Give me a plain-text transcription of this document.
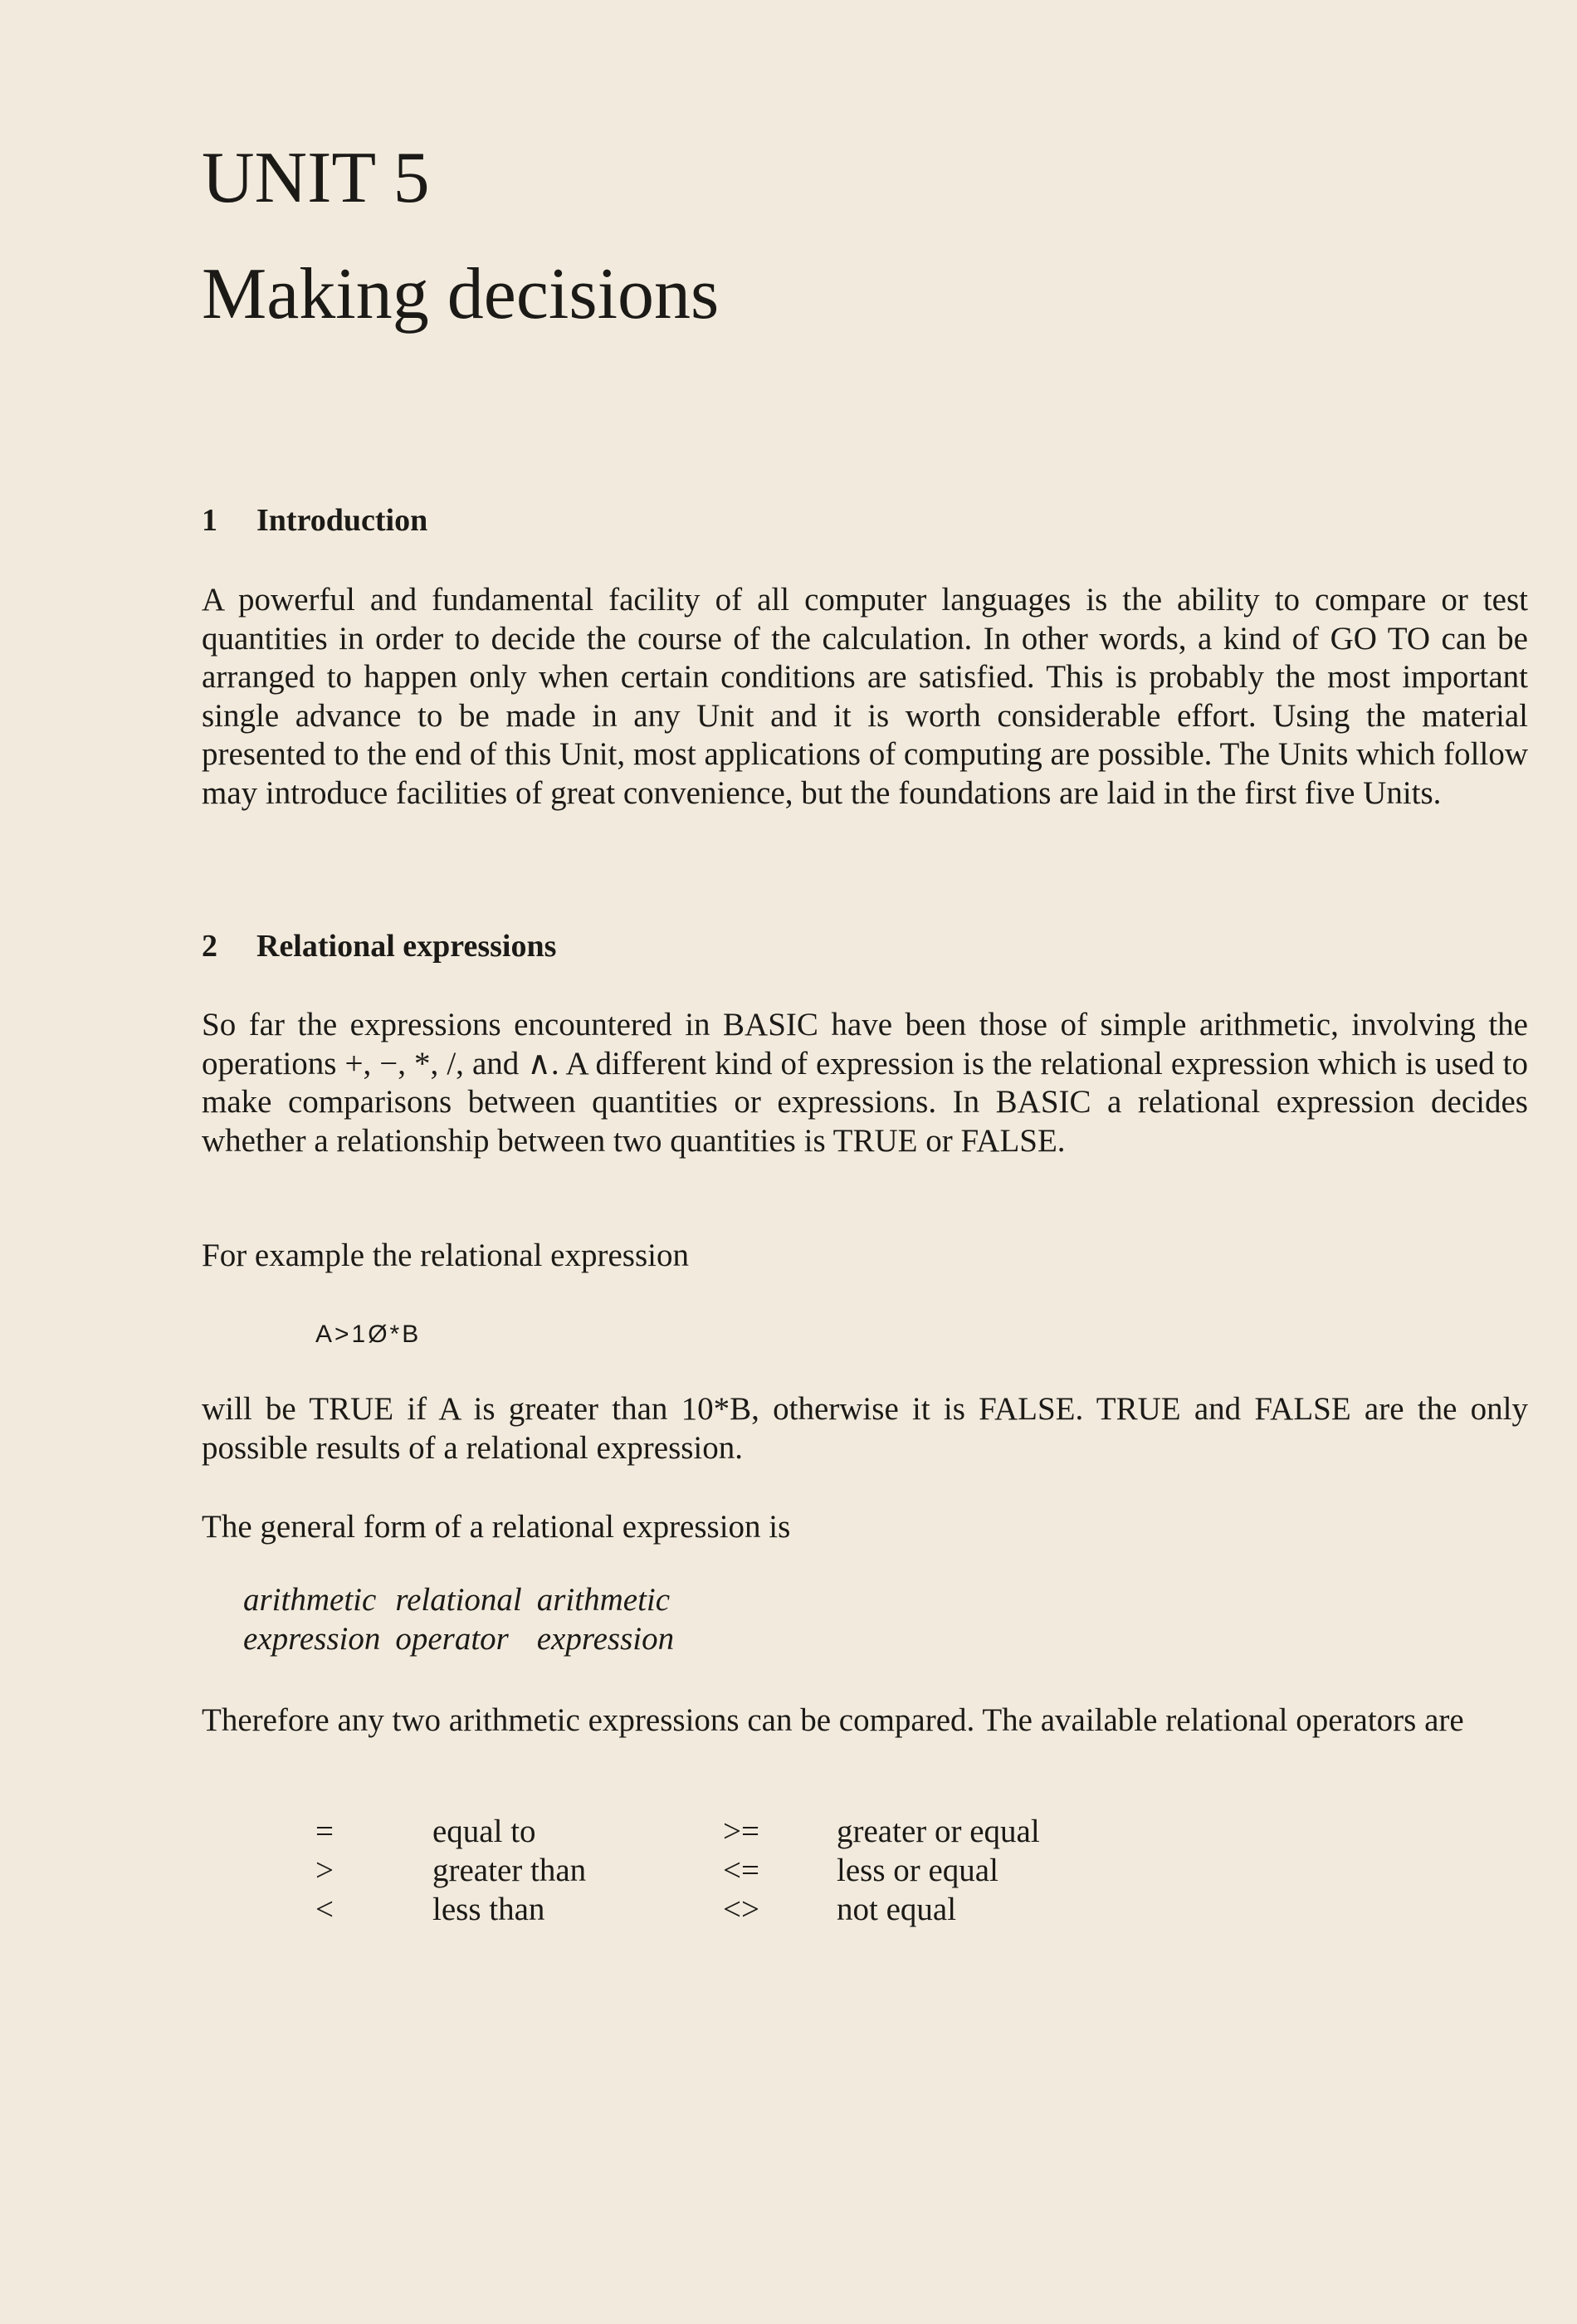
UNIT 5
Making decisions
1 Introduction

A powerful and fundamental facility of all computer languages is the ability to compare or test quantities in order to decide the course of the calculation. In other words, a kind of GO TO can be arranged to happen only when certain conditions are satisfied. This is probably the most important single advance to be made in any Unit and it is worth considerable effort. Using the material presented to the end of this Unit, most applications of computing are possible. The Units which follow may introduce facilities of great convenience, but the foundations are laid in the first five Units.

2 Relational expressions

So far the expressions encountered in BASIC have been those of simple arithmetic, involving the operations +, −, *, /, and ∧. A different kind of expression is the relational expression which is used to make comparisons between quantities or expressions. In BASIC a relational expression decides whether a relationship between two quantities is TRUE or FALSE.

For example the relational expression

A>1Ø*B

will be TRUE if A is greater than 10*B, otherwise it is FALSE. TRUE and FALSE are the only possible results of a relational expression.

The general form of a relational expression is

arithmetic	relational	arithmetic
expression	operator	expression

Therefore any two arithmetic expressions can be compared. The available relational operators are

=	equal to	>= greater or equal
>	greater than	<= less or equal
<	less than	<> not equal
